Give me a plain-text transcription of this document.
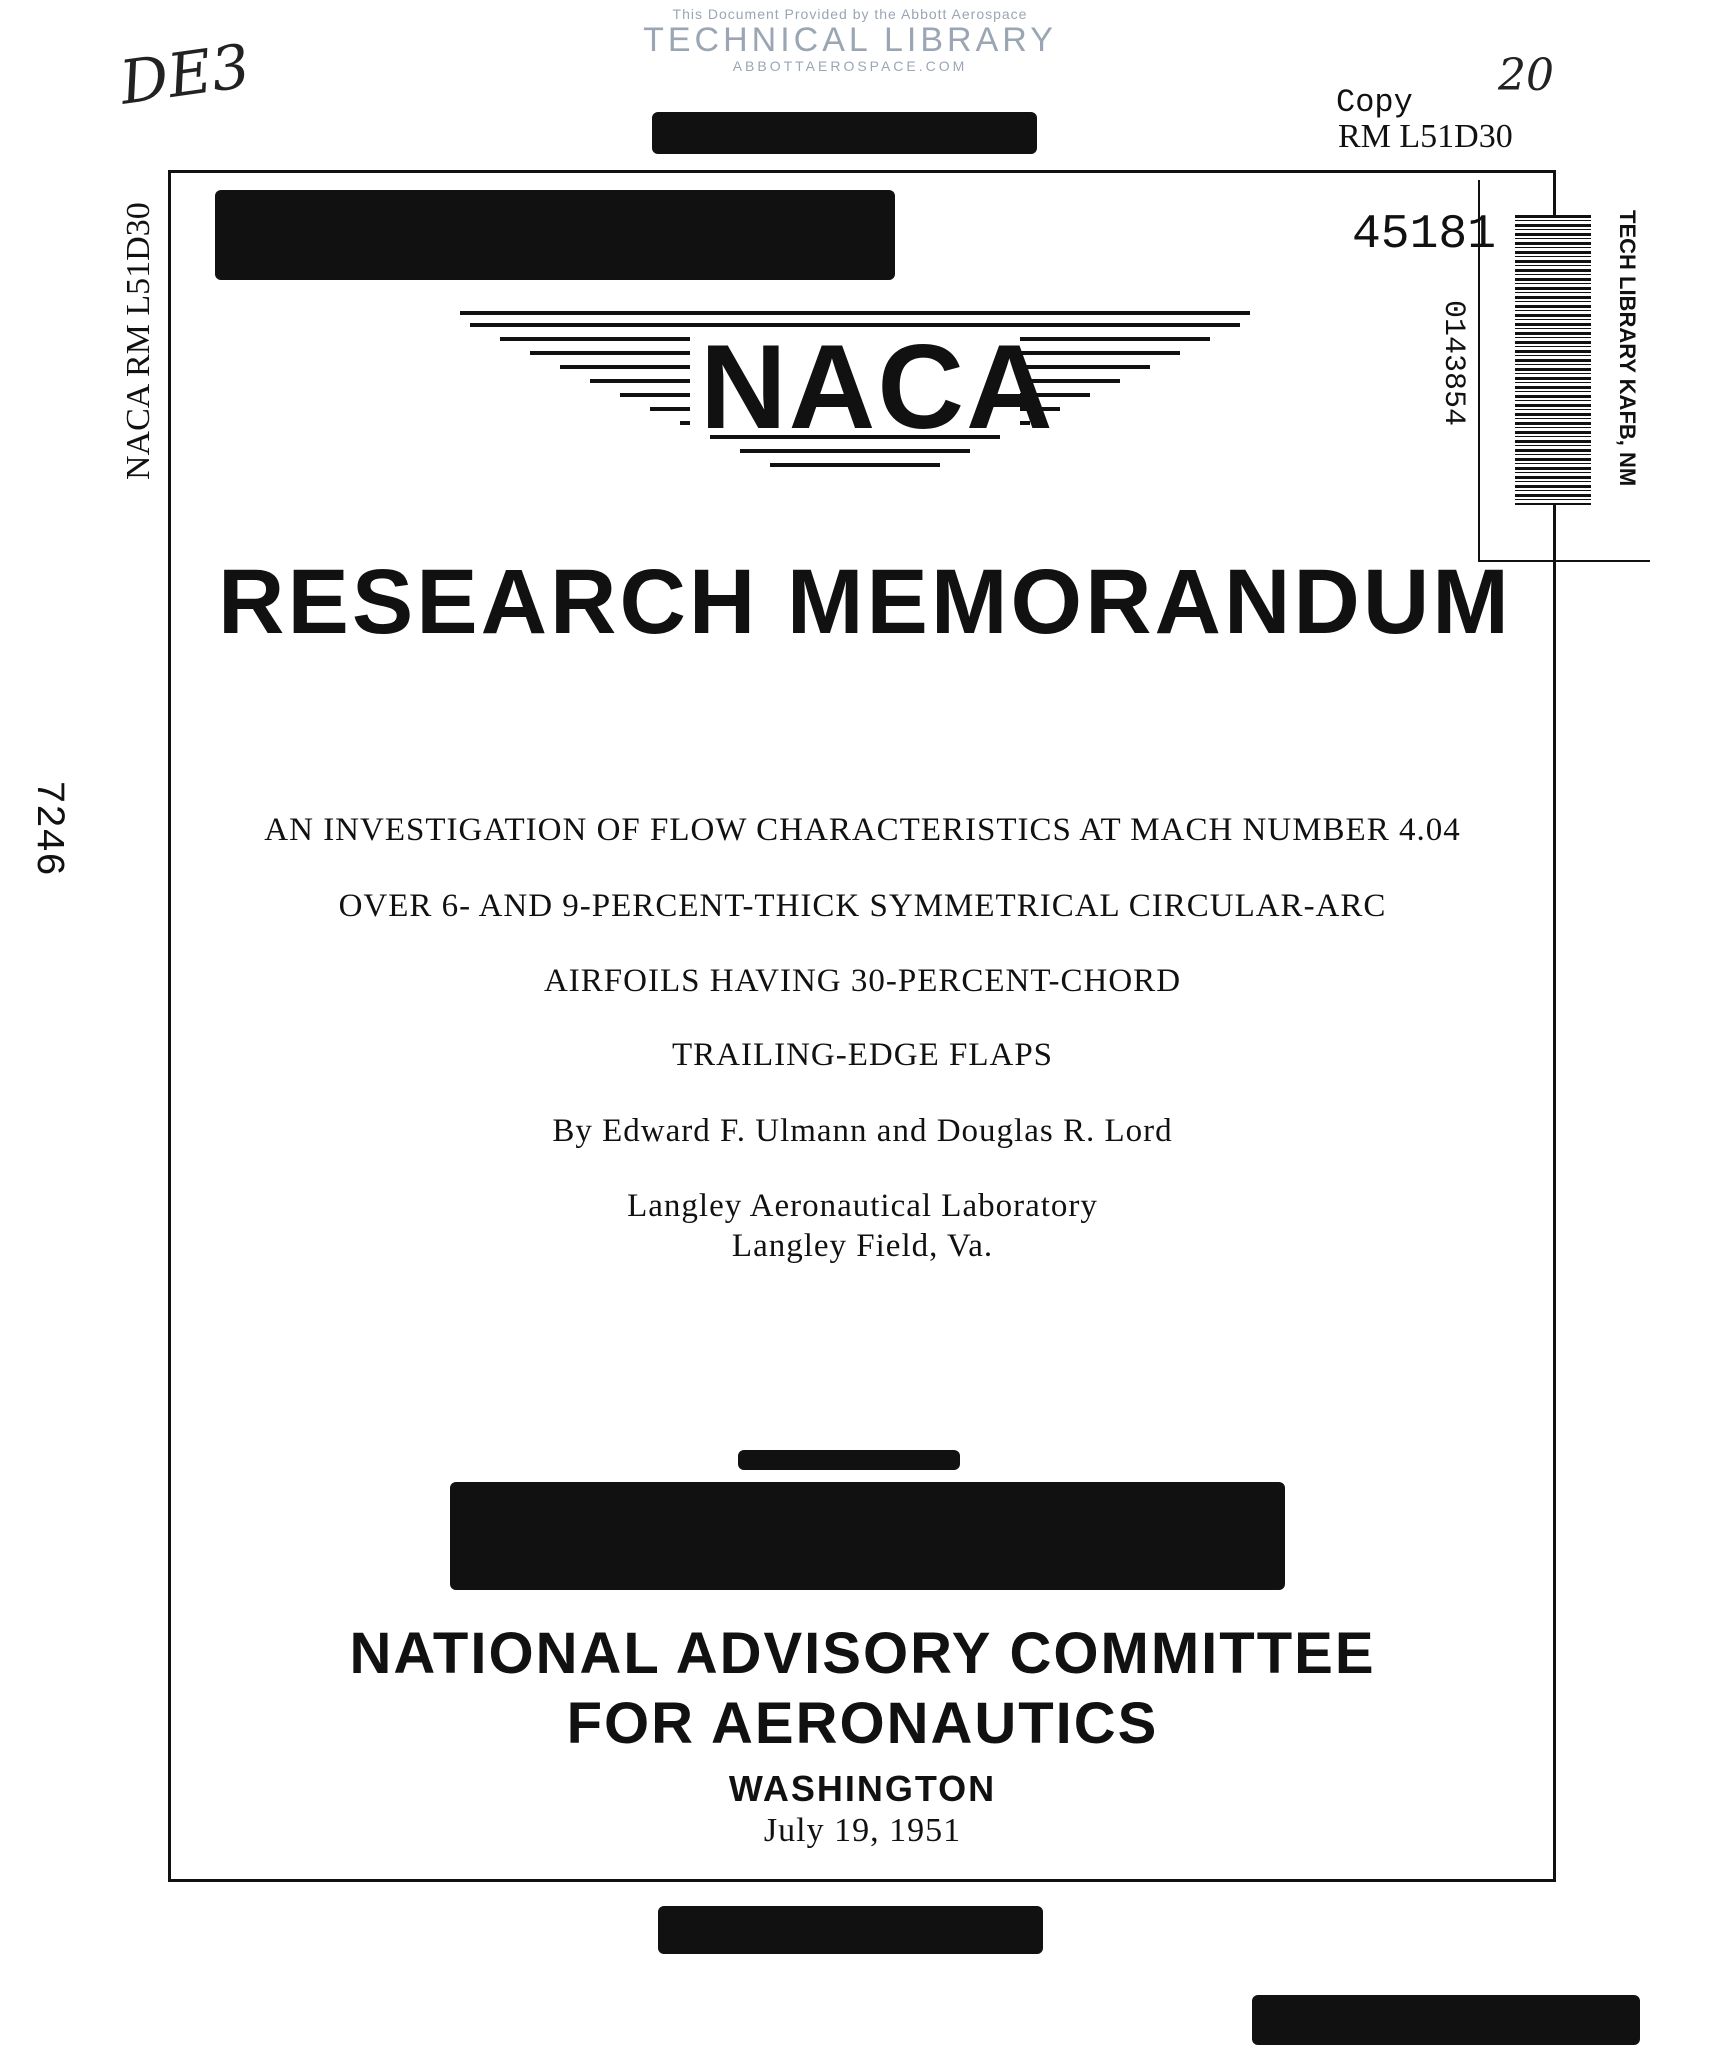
This Document Provided by the Abbott Aerospace
TECHNICAL LIBRARY
ABBOTTAEROSPACE.COM
DE3	20
Copy
RM L51D30
NACA RM L51D30
7246
45181
0143854	TECH LIBRARY KAFB, NM
NACA
RESEARCH MEMORANDUM
AN INVESTIGATION OF FLOW CHARACTERISTICS AT MACH NUMBER 4.04
OVER 6- AND 9-PERCENT-THICK SYMMETRICAL CIRCULAR-ARC
AIRFOILS HAVING 30-PERCENT-CHORD
TRAILING-EDGE FLAPS
By Edward F. Ulmann and Douglas R. Lord
Langley Aeronautical Laboratory
Langley Field, Va.
NATIONAL ADVISORY COMMITTEE
FOR AERONAUTICS
WASHINGTON
July 19, 1951
